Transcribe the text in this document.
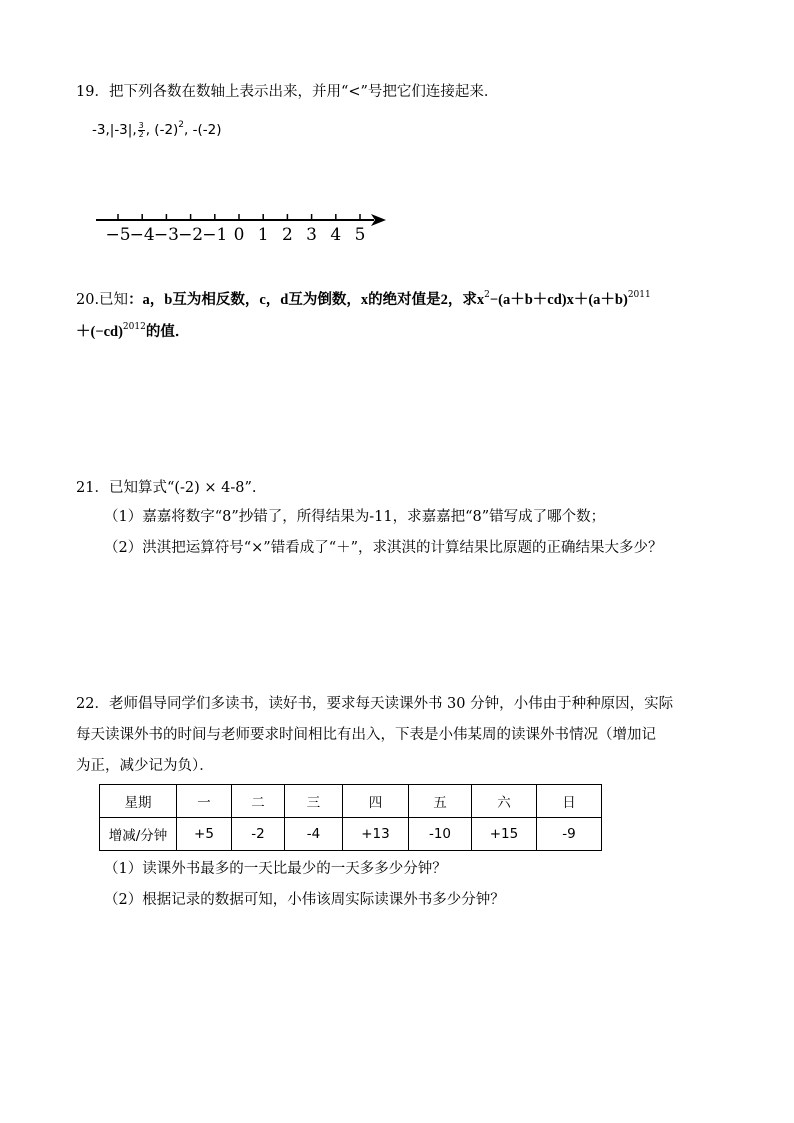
19．把下列各数在数轴上表示出来，并用“<”号把它们连接起来．
-3,|-3|, $\frac{3}{2}$ , $(-2)^2$, -(-2)
−5 −4 −3 −2 −1 0 1 2 3 4 5
20.已知：a，b互为相反数，c，d互为倒数，x的绝对值是2，求$x^2-(a+b+cd)x+(a+b)^{2011}$
$+(-cd)^{2012}$的值．
21．已知算式“(-2) × 4-8”.
（1）嘉嘉将数字“8”抄错了，所得结果为-11，求嘉嘉把“8”错写成了哪个数；
（2）洪淇把运算符号“×”错看成了“＋”，求淇淇的计算结果比原题的正确结果大多少？
22．老师倡导同学们多读书，读好书，要求每天读课外书 30 分钟，小伟由于种种原因，实际
每天读课外书的时间与老师要求时间相比有出入，下表是小伟某周的读课外书情况（增加记
为正，减少记为负）．
星期	一	二	三	四	五	六	日
增减/分钟	+5	-2	-4	+13	-10	+15	-9
（1）读课外书最多的一天比最少的一天多多少分钟？
（2）根据记录的数据可知，小伟该周实际读课外书多少分钟？
